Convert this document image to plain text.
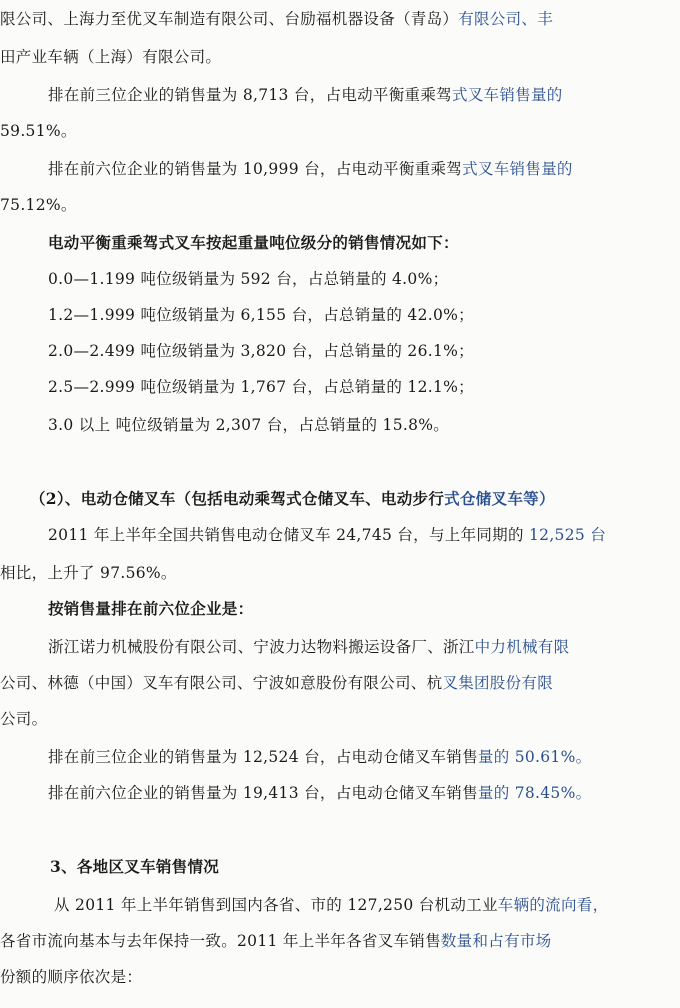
限公司、上海力至优叉车制造有限公司、台励福机器设备（青岛）有限公司、丰
田产业车辆（上海）有限公司。
排在前三位企业的销售量为 8,713 台，占电动平衡重乘驾式叉车销售量的
59.51%。
排在前六位企业的销售量为 10,999 台，占电动平衡重乘驾式叉车销售量的
75.12%。
电动平衡重乘驾式叉车按起重量吨位级分的销售情况如下：
0.0—1.199 吨位级销量为 592 台，占总销量的 4.0%；
1.2—1.999 吨位级销量为 6,155 台，占总销量的 42.0%；
2.0—2.499 吨位级销量为 3,820 台，占总销量的 26.1%；
2.5—2.999 吨位级销量为 1,767 台，占总销量的 12.1%；
3.0 以上 吨位级销量为 2,307 台，占总销量的 15.8%。
（2）、电动仓储叉车（包括电动乘驾式仓储叉车、电动步行式仓储叉车等）
2011 年上半年全国共销售电动仓储叉车 24,745 台，与上年同期的 12,525 台
相比，上升了 97.56%。
按销售量排在前六位企业是：
浙江诺力机械股份有限公司、宁波力达物料搬运设备厂、浙江中力机械有限
公司、林德（中国）叉车有限公司、宁波如意股份有限公司、杭叉集团股份有限
公司。
排在前三位企业的销售量为 12,524 台，占电动仓储叉车销售量的 50.61%。
排在前六位企业的销售量为 19,413 台，占电动仓储叉车销售量的 78.45%。
3、各地区叉车销售情况
从 2011 年上半年销售到国内各省、市的 127,250 台机动工业车辆的流向看，
各省市流向基本与去年保持一致。2011 年上半年各省叉车销售数量和占有市场
份额的顺序依次是：
